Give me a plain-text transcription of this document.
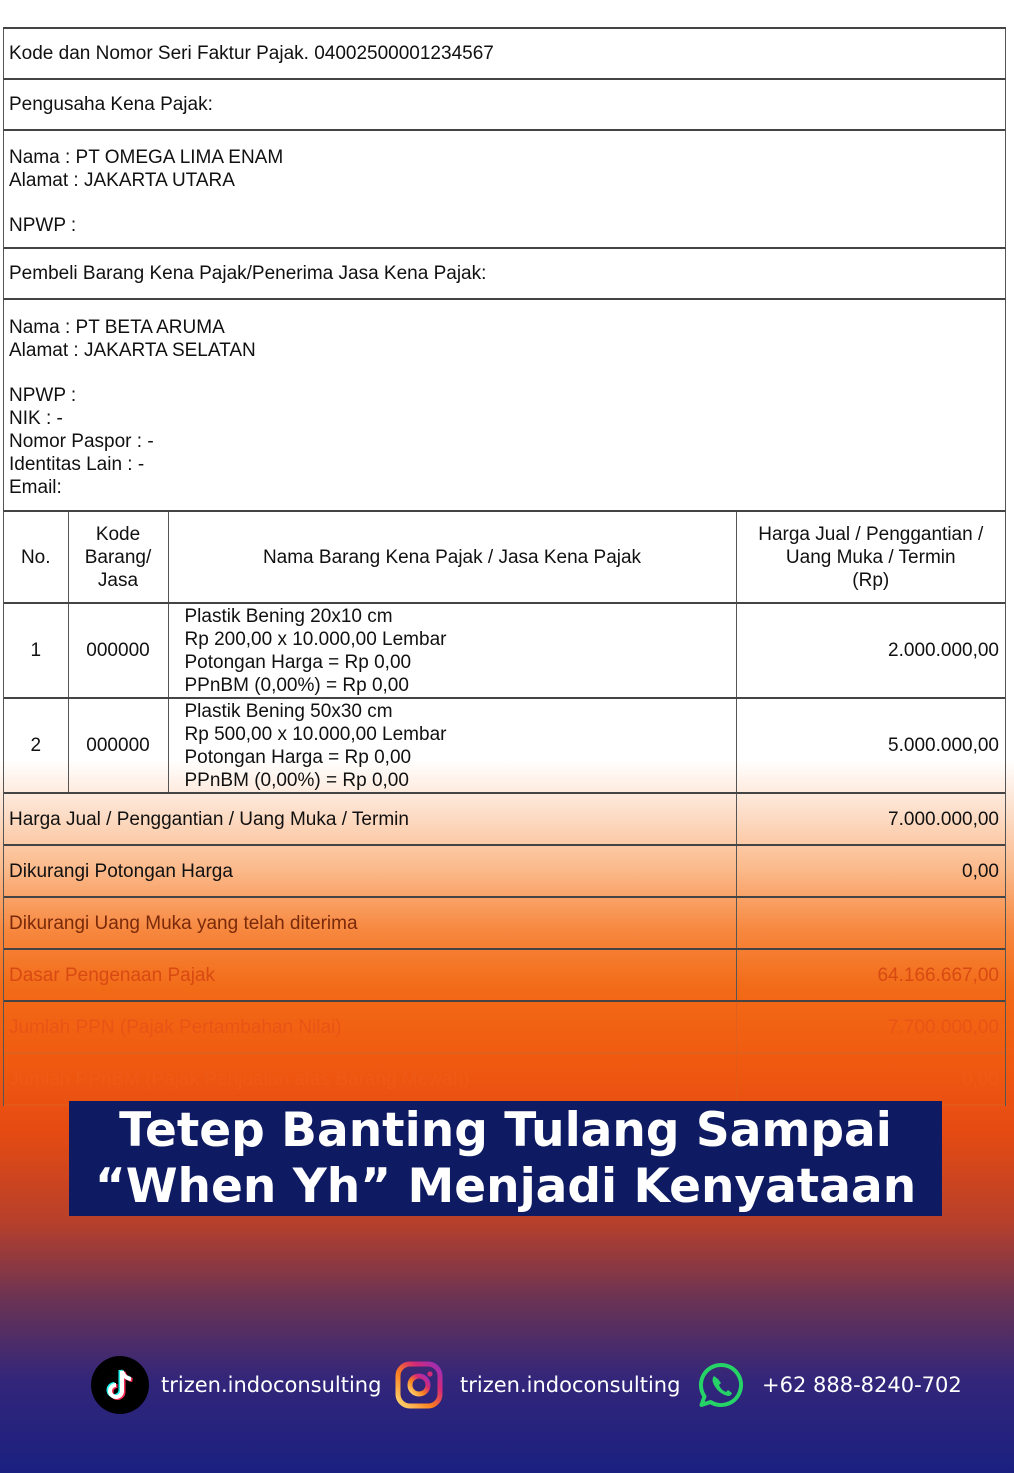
Kode dan Nomor Seri Faktur Pajak. 04002500001234567
Pengusaha Kena Pajak:
Nama : PT OMEGA LIMA ENAM
Alamat : JAKARTA UTARA
NPWP :
Pembeli Barang Kena Pajak/Penerima Jasa Kena Pajak:
Nama : PT BETA ARUMA
Alamat : JAKARTA SELATAN
NPWP :
NIK : -
Nomor Paspor : -
Identitas Lain : -
Email:
No.	Kode
Barang/
Jasa	Nama Barang Kena Pajak / Jasa Kena Pajak	Harga Jual / Penggantian /
Uang Muka / Termin
(Rp)

1	000000	Plastik Bening 20x10 cm
Rp 200,00 x 10.000,00 Lembar
Potongan Harga = Rp 0,00
PPnBM (0,00%) = Rp 0,00	2.000.000,00
2	000000	Plastik Bening 50x30 cm
Rp 500,00 x 10.000,00 Lembar
Potongan Harga = Rp 0,00
PPnBM (0,00%) = Rp 0,00	5.000.000,00
Harga Jual / Penggantian / Uang Muka / Termin			7.000.000,00
Dikurangi Potongan Harga			0,00
Dikurangi Uang Muka yang telah diterima			
Dasar Pengenaan Pajak			64.166.667,00
Jumlah PPN (Pajak Pertambahan Nilai)			7.700.000,00
Jumlah PPnBM (Pajak Penjualan atas Barang Mewah)			0,00
Tetep Banting Tulang Sampai
“When Yh” Menjadi Kenyataan
trizen.indoconsulting	trizen.indoconsulting	+62 888-8240-702
